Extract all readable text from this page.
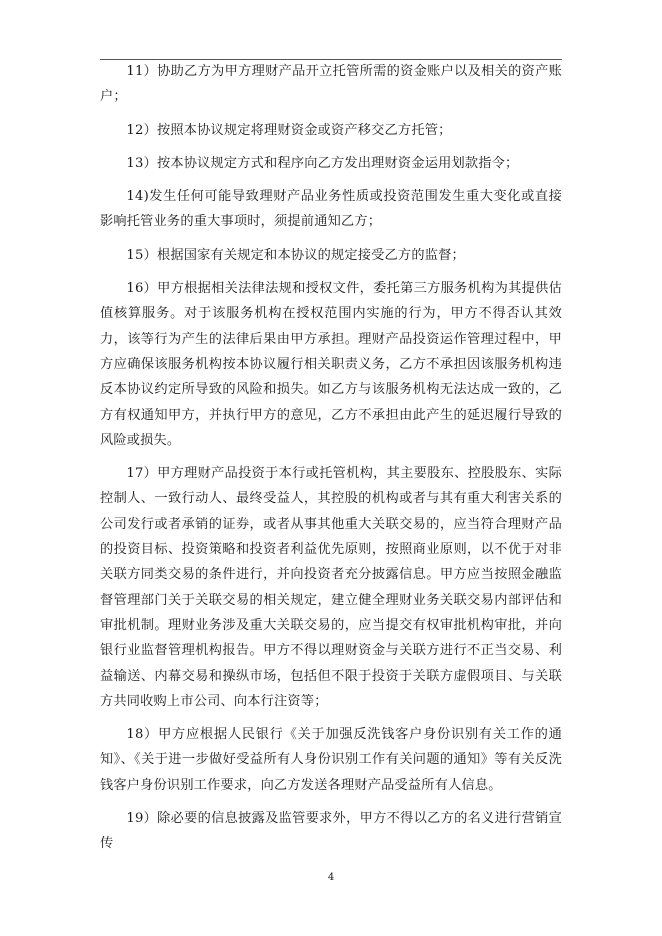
11）协助乙方为甲方理财产品开立托管所需的资金账户以及相关的资产账户；

12）按照本协议规定将理财资金或资产移交乙方托管；

13）按本协议规定方式和程序向乙方发出理财资金运用划款指令；

14)发生任何可能导致理财产品业务性质或投资范围发生重大变化或直接影响托管业务的重大事项时，须提前通知乙方；

15）根据国家有关规定和本协议的规定接受乙方的监督；

16）甲方根据相关法律法规和授权文件，委托第三方服务机构为其提供估值核算服务。对于该服务机构在授权范围内实施的行为，甲方不得否认其效力，该等行为产生的法律后果由甲方承担。理财产品投资运作管理过程中，甲方应确保该服务机构按本协议履行相关职责义务，乙方不承担因该服务机构违反本协议约定所导致的风险和损失。如乙方与该服务机构无法达成一致的，乙方有权通知甲方，并执行甲方的意见，乙方不承担由此产生的延迟履行导致的风险或损失。

17）甲方理财产品投资于本行或托管机构，其主要股东、控股股东、实际控制人、一致行动人、最终受益人，其控股的机构或者与其有重大利害关系的公司发行或者承销的证券，或者从事其他重大关联交易的，应当符合理财产品的投资目标、投资策略和投资者利益优先原则，按照商业原则，以不优于对非关联方同类交易的条件进行，并向投资者充分披露信息。甲方应当按照金融监督管理部门关于关联交易的相关规定，建立健全理财业务关联交易内部评估和审批机制。理财业务涉及重大关联交易的，应当提交有权审批机构审批，并向银行业监督管理机构报告。甲方不得以理财资金与关联方进行不正当交易、利益输送、内幕交易和操纵市场，包括但不限于投资于关联方虚假项目、与关联方共同收购上市公司、向本行注资等；

18）甲方应根据人民银行《关于加强反洗钱客户身份识别有关工作的通知》、《关于进一步做好受益所有人身份识别工作有关问题的通知》等有关反洗钱客户身份识别工作要求，向乙方发送各理财产品受益所有人信息。

19）除必要的信息披露及监管要求外，甲方不得以乙方的名义进行营销宣传

4
